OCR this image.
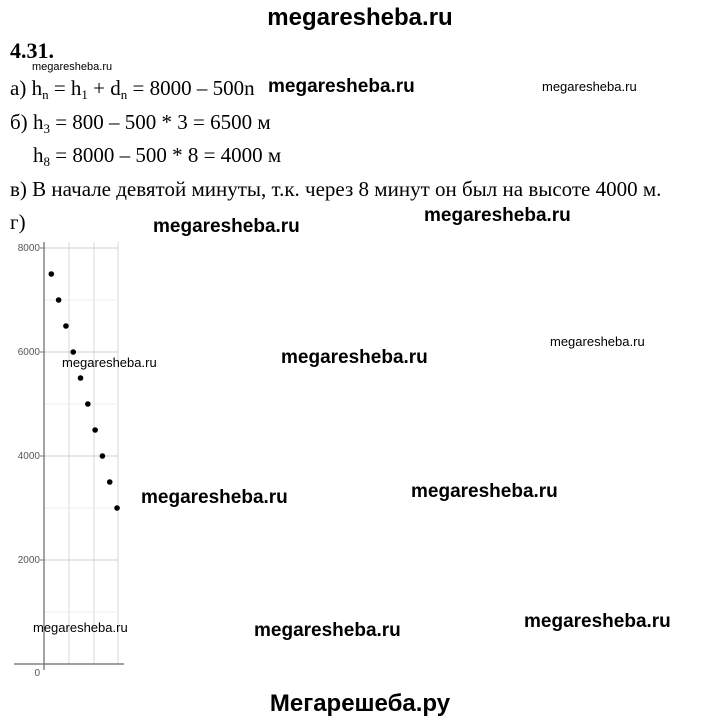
megaresheba.ru
4.31.
megaresheba.ru
а) $h_n = h_1 + d_n = 8000 - 500n$ megaresheba.ru	megaresheba.ru
б) $h_3 = 800 - 500 * 3 = 6500$ м
$h_8 = 8000 - 500 * 8 = 4000$ м
в) В начале девятой минуты, т.к. через 8 минут он был на высоте 4000 м.
г)	megaresheba.ru
megaresheba.ru
0
2000
4000
6000
8000
megaresheba.ru
megaresheba.ru	megaresheba.ru
megaresheba.ru
megaresheba.ru
megaresheba.ru	megaresheba.ru	megaresheba.ru
Мегарешеба.ру
